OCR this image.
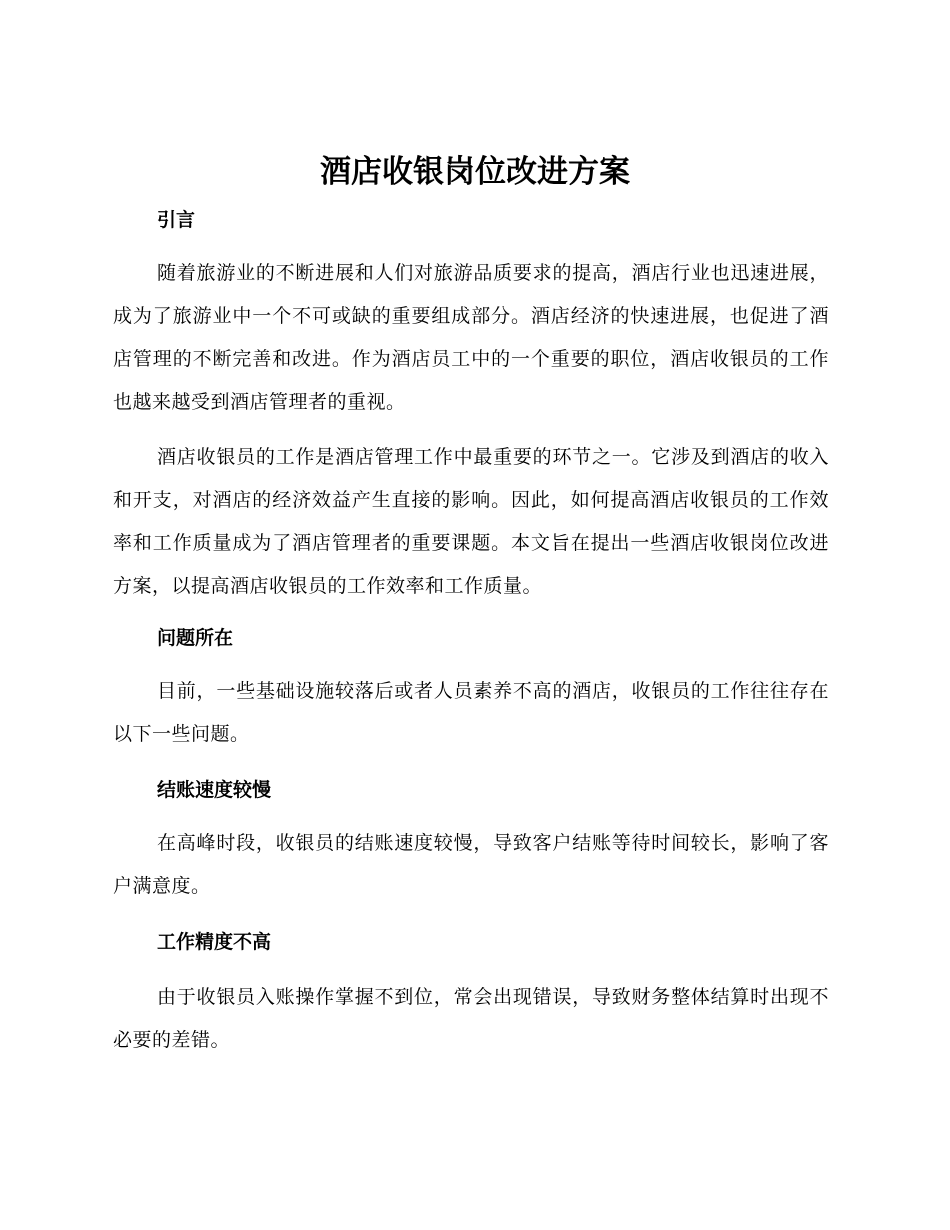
酒店收银岗位改进方案
引言

随着旅游业的不断进展和人们对旅游品质要求的提高，酒店行业也迅速进展，成为了旅游业中一个不可或缺的重要组成部分。酒店经济的快速进展，也促进了酒店管理的不断完善和改进。作为酒店员工中的一个重要的职位，酒店收银员的工作也越来越受到酒店管理者的重视。

酒店收银员的工作是酒店管理工作中最重要的环节之一。它涉及到酒店的收入和开支，对酒店的经济效益产生直接的影响。因此，如何提高酒店收银员的工作效率和工作质量成为了酒店管理者的重要课题。本文旨在提出一些酒店收银岗位改进方案，以提高酒店收银员的工作效率和工作质量。

问题所在

目前，一些基础设施较落后或者人员素养不高的酒店，收银员的工作往往存在以下一些问题。

结账速度较慢

在高峰时段，收银员的结账速度较慢，导致客户结账等待时间较长，影响了客户满意度。

工作精度不高

由于收银员入账操作掌握不到位，常会出现错误，导致财务整体结算时出现不必要的差错。
